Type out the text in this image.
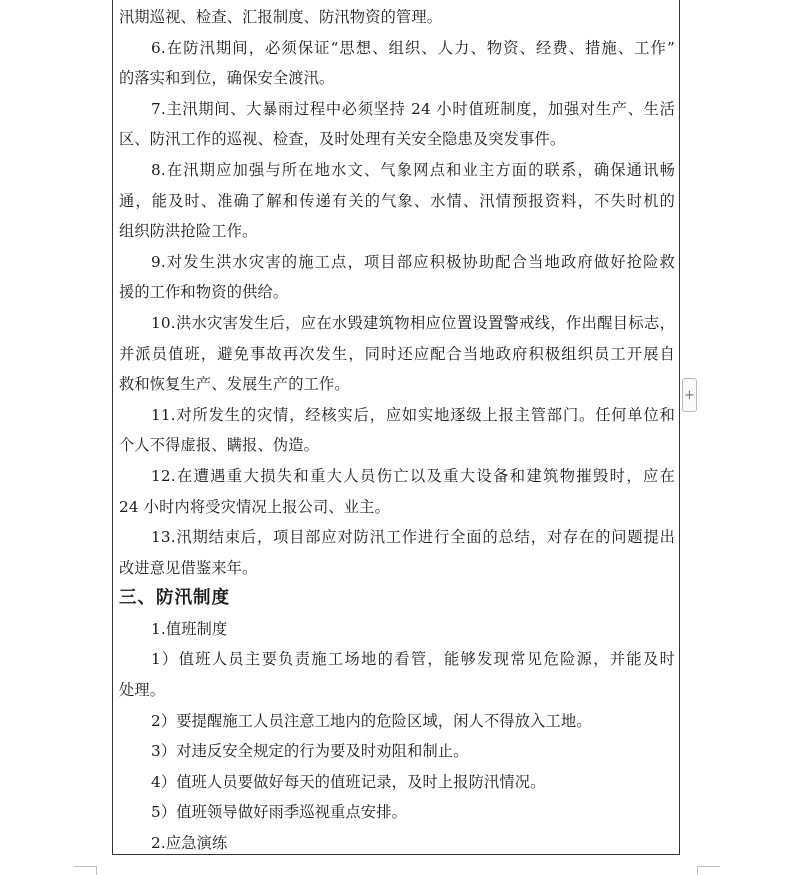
汛期巡视、检查、汇报制度、防汛物资的管理。
6.在防汛期间，必须保证“思想、组织、人力、物资、经费、措施、工作”
的落实和到位，确保安全渡汛。
7.主汛期间、大暴雨过程中必须坚持 24 小时值班制度，加强对生产、生活
区、防汛工作的巡视、检查，及时处理有关安全隐患及突发事件。
8.在汛期应加强与所在地水文、气象网点和业主方面的联系，确保通讯畅
通，能及时、准确了解和传递有关的气象、水情、汛情预报资料，不失时机的
组织防洪抢险工作。
9.对发生洪水灾害的施工点，项目部应积极协助配合当地政府做好抢险救
援的工作和物资的供给。
10.洪水灾害发生后，应在水毁建筑物相应位置设置警戒线，作出醒目标志，
并派员值班，避免事故再次发生，同时还应配合当地政府积极组织员工开展自
救和恢复生产、发展生产的工作。
11.对所发生的灾情，经核实后，应如实地逐级上报主管部门。任何单位和
个人不得虚报、瞒报、伪造。
12.在遭遇重大损失和重大人员伤亡以及重大设备和建筑物摧毁时，应在
24 小时内将受灾情况上报公司、业主。
13.汛期结束后，项目部应对防汛工作进行全面的总结，对存在的问题提出
改进意见借鉴来年。
三、防汛制度
1.值班制度
1）值班人员主要负责施工场地的看管，能够发现常见危险源，并能及时
处理。
2）要提醒施工人员注意工地内的危险区域，闲人不得放入工地。
3）对违反安全规定的行为要及时劝阻和制止。
4）值班人员要做好每天的值班记录，及时上报防汛情况。
5）值班领导做好雨季巡视重点安排。
2.应急演练
+
